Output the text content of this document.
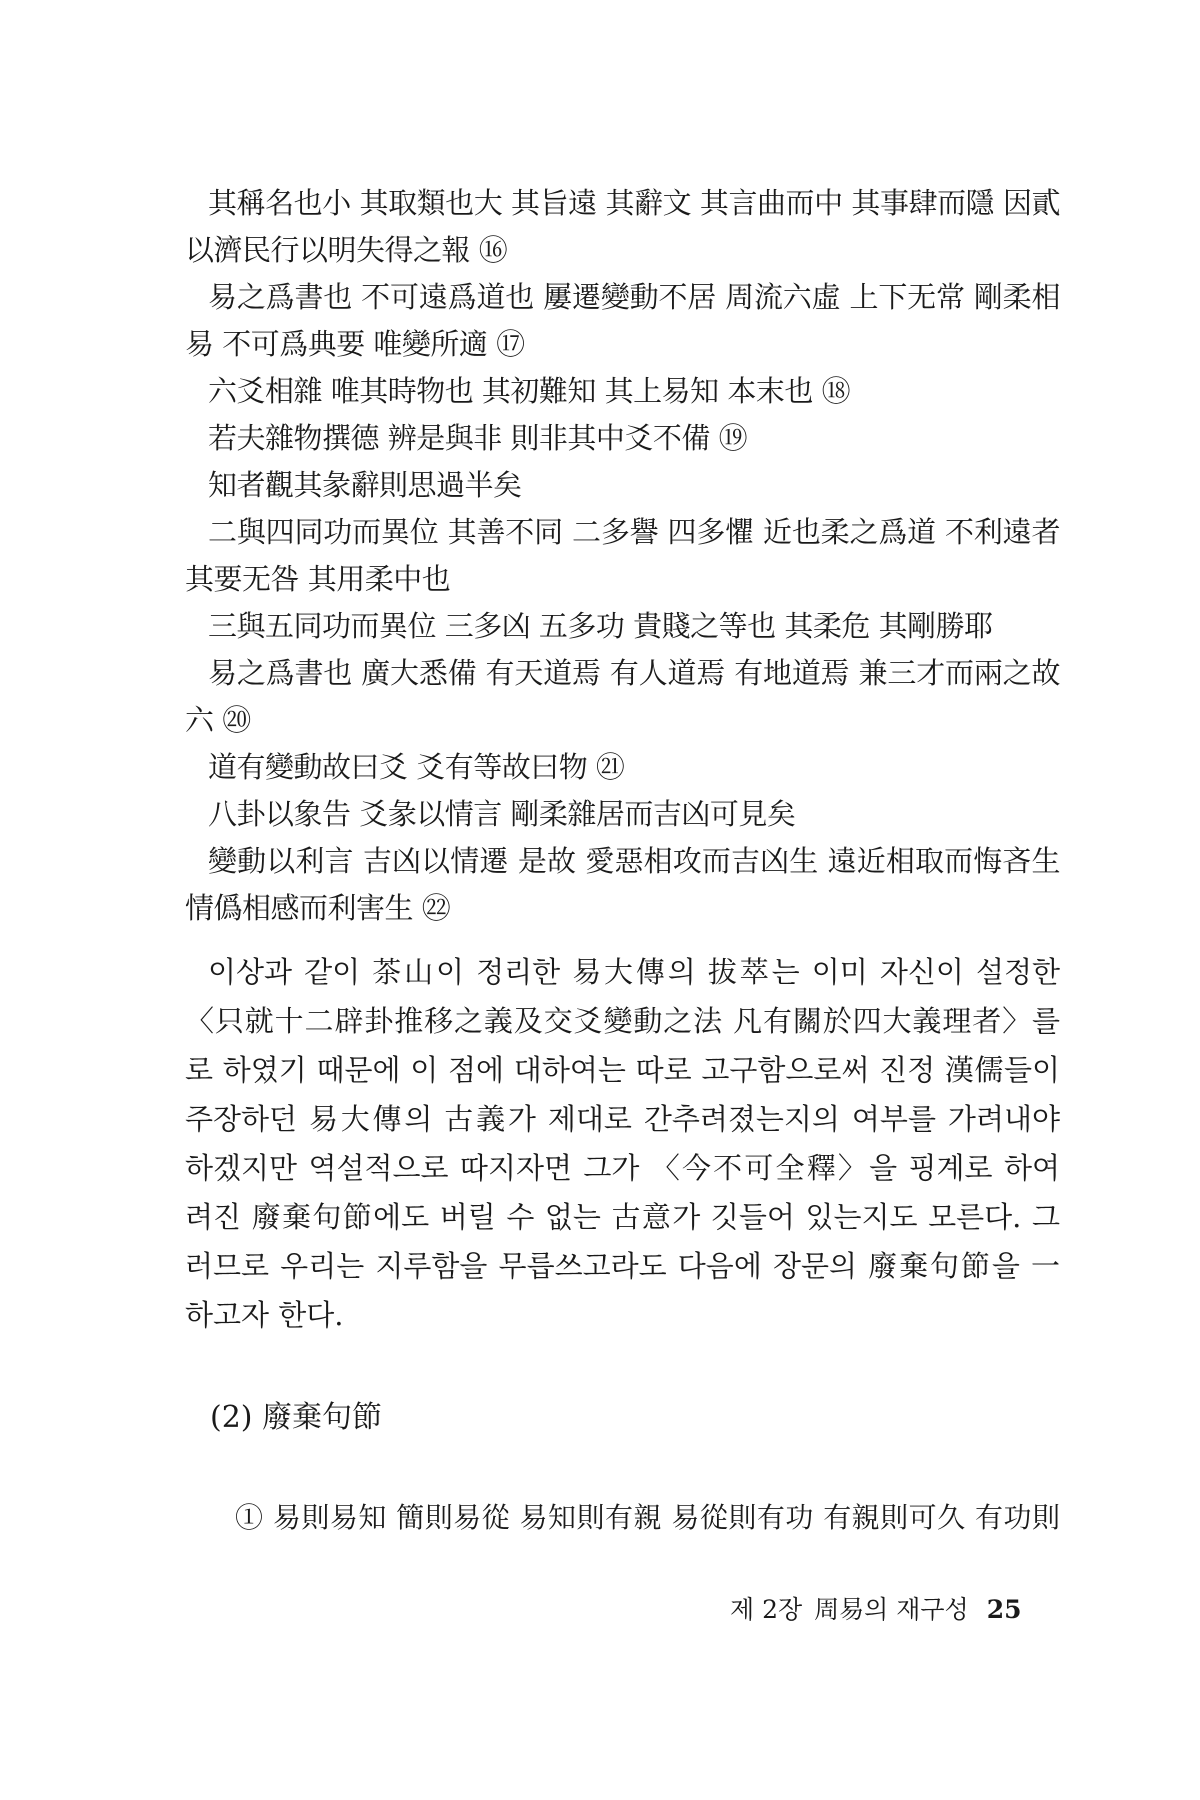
其稱名也小 其取類也大 其旨遠 其辭文 其言曲而中 其事肆而隱 因貳
以濟民行以明失得之報 ⑯
易之爲書也 不可遠爲道也 屢遷變動不居 周流六虛 上下无常 剛柔相
易 不可爲典要 唯變所適 ⑰
六爻相雜 唯其時物也 其初難知 其上易知 本末也 ⑱
若夫雜物撰德 辨是與非 則非其中爻不備 ⑲
知者觀其彖辭則思過半矣
二與四同功而異位 其善不同 二多譽 四多懼 近也柔之爲道 不利遠者
其要无咎 其用柔中也
三與五同功而異位 三多凶 五多功 貴賤之等也 其柔危 其剛勝耶
易之爲書也 廣大悉備 有天道焉 有人道焉 有地道焉 兼三才而兩之故
六 ⑳
道有變動故曰爻 爻有等故曰物 ㉑
八卦以象告 爻彖以情言 剛柔雜居而吉凶可見矣
變動以利言 吉凶以情遷 是故 愛惡相攻而吉凶生 遠近相取而悔吝生
情僞相感而利害生 ㉒
이상과 같이 茶山이 정리한 易大傳의 拔萃는 이미 자신이 설정한
〈只就十二辟卦推移之義及交爻變動之法 凡有關於四大義理者〉를
로 하였기 때문에 이 점에 대하여는 따로 고구함으로써 진정 漢儒들이
주장하던 易大傳의 古義가 제대로 간추려졌는지의 여부를 가려내야
하겠지만 역설적으로 따지자면 그가 〈今不可全釋〉을 핑계로 하여
려진 廢棄句節에도 버릴 수 없는 古意가 깃들어 있는지도 모른다. 그
러므로 우리는 지루함을 무릅쓰고라도 다음에 장문의 廢棄句節을 一
하고자 한다.
(2) 廢棄句節
① 易則易知 簡則易從 易知則有親 易從則有功 有親則可久 有功則
제 2장 周易의 재구성 25
